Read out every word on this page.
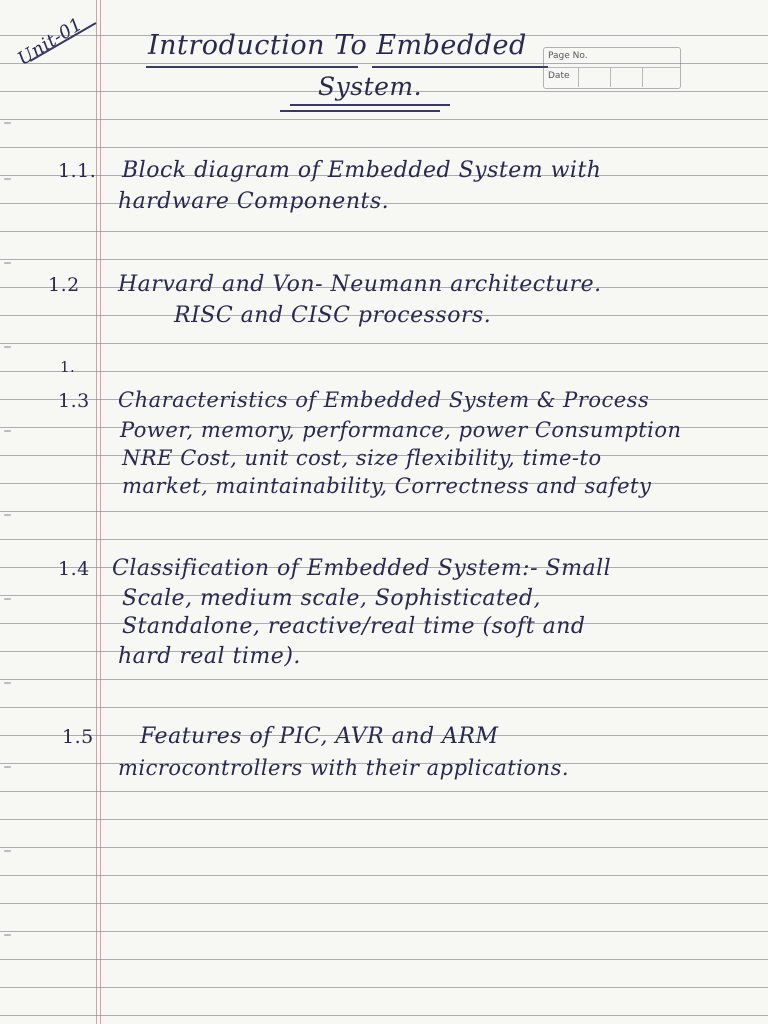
Unit-01 Introduction To Embedded
System.
Page No.
Date
1.1. Block diagram of Embedded System with
hardware Components.
1.2 Harvard and Von- Neumann architecture.
RISC and CISC processors.
1.
1.3 Characteristics of Embedded System & Process
Power, memory, performance, power Consumption
NRE Cost, unit cost, size flexibility, time-to
market, maintainability, Correctness and safety
1.4 Classification of Embedded System:- Small
Scale, medium scale, Sophisticated,
Standalone, reactive/real time (soft and
hard real time).
1.5 Features of PIC, AVR and ARM
microcontrollers with their applications.
